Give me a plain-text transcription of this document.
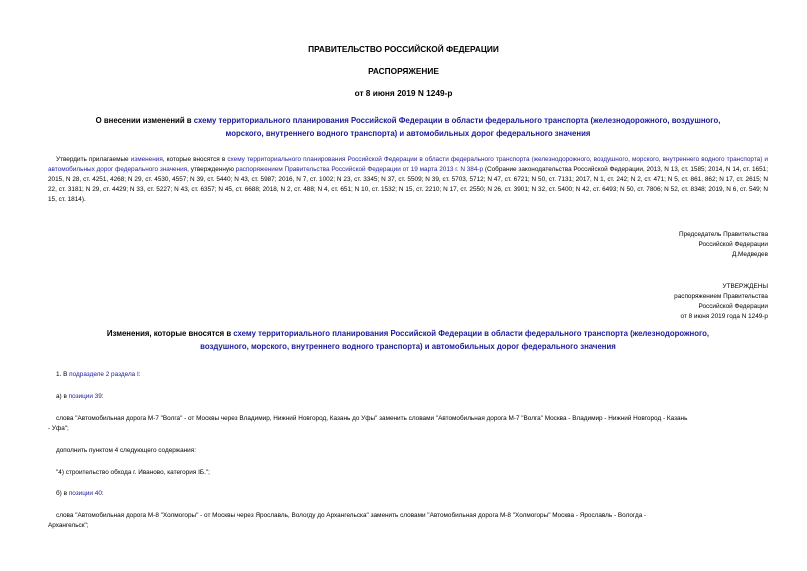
ПРАВИТЕЛЬСТВО РОССИЙСКОЙ ФЕДЕРАЦИИ
РАСПОРЯЖЕНИЕ
от 8 июня 2019 N 1249-р
О внесении изменений в схему территориального планирования Российской Федерации в области федерального транспорта (железнодорожного, воздушного,
морского, внутреннего водного транспорта) и автомобильных дорог федерального значения
Утвердить прилагаемые изменения, которые вносятся в схему территориального планирования Российской Федерации в области федерального транспорта (железнодорожного, воздушного, морского, внутреннего водного транспорта) и автомобильных дорог федерального значения, утвержденную распоряжением Правительства Российской Федерации от 19 марта 2013 г. N 384-р (Собрание законодательства Российской Федерации, 2013, N 13, ст. 1585; 2014, N 14, ст. 1651; 2015, N 28, ст. 4251, 4268; N 29, ст. 4530, 4557; N 39, ст. 5440; N 43, ст. 5987; 2016, N 7, ст. 1002; N 23, ст. 3345; N 37, ст. 5509; N 39, ст. 5703, 5712; N 47, ст. 6721; N 50, ст. 7131; 2017, N 1, ст. 242; N 2, ст. 471; N 5, ст. 861, 862; N 17, ст. 2615; N 22, ст. 3181; N 29, ст. 4429; N 33, ст. 5227; N 43, ст. 6357; N 45, ст. 6688; 2018, N 2, ст. 488; N 4, ст. 651; N 10, ст. 1532; N 15, ст. 2210; N 17, ст. 2550; N 26, ст. 3901; N 32, ст. 5400; N 42, ст. 6493; N 50, ст. 7806; N 52, ст. 8348; 2019, N 6, ст. 549; N 15, ст. 1814).
Председатель Правительства
Российской Федерации
Д.Медведев
УТВЕРЖДЕНЫ
распоряжением Правительства
Российской Федерации
от 8 июня 2019 года N 1249-р
Изменения, которые вносятся в схему территориального планирования Российской Федерации в области федерального транспорта (железнодорожного,
воздушного, морского, внутреннего водного транспорта) и автомобильных дорог федерального значения
1. В подразделе 2 раздела I:
а) в позиции 39:
слова "Автомобильная дорога М-7 "Волга" - от Москвы через Владимир, Нижний Новгород, Казань до Уфы" заменить словами "Автомобильная дорога М-7 "Волга" Москва - Владимир - Нижний Новгород - Казань
- Уфа";
дополнить пунктом 4 следующего содержания:
"4) строительство обхода г. Иваново, категория IБ.";
б) в позиции 40:
слова "Автомобильная дорога М-8 "Холмогоры" - от Москвы через Ярославль, Вологду до Архангельска" заменить словами "Автомобильная дорога М-8 "Холмогоры" Москва - Ярославль - Вологда -
Архангельск";
